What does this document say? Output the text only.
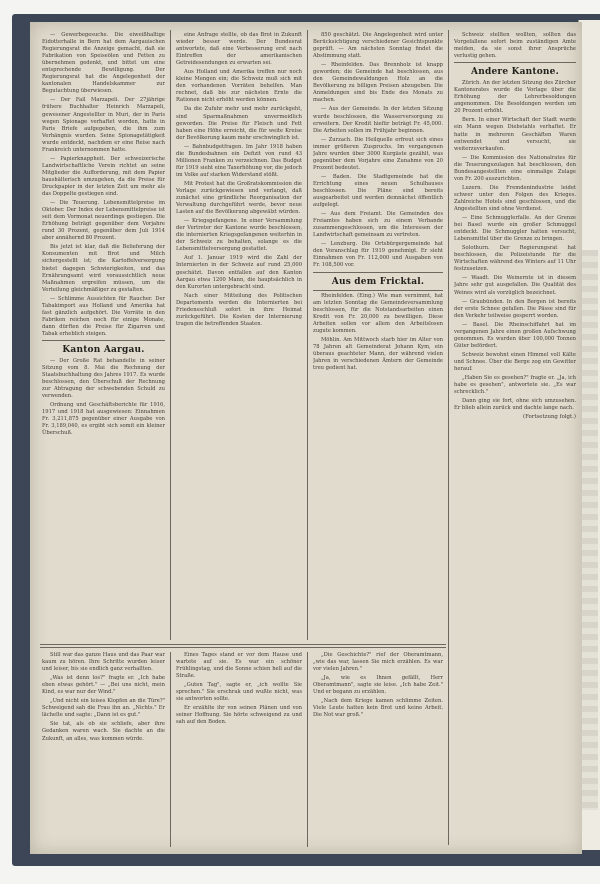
— Gewerbegesuche. Die eiweißhaltige Eidotterhalle in Bern hat dem Aargauischen Regierungsrat die Anzeige gemacht, daß sie Fabrikation von Speiseölen und Fetten zu übernehmen gedenkt, und bittet um eine entsprechende Bewilligung. Der Regierungsrat hat die Angelegenheit der kantonalen Handelskammer zur Begutachtung überwiesen.

— Der Fall Marzapeli. Der 27jährige frühere Buchhalter Heinrich Marzapeli, gewesener Angestellter in Muri, der in Paris wegen Spionage verhaftet worden, hatte in Paris Briefe aufgegeben, die ihm zum Verhängnis wurden. Seine Spionagetätigkeit wurde entdeckt, nachdem er eine Reise nach Frankreich unternommen hatte.

— Papierknappheit. Der schweizerische Landwirtschaftliche Verein richtet an seine Mitglieder die Aufforderung, mit dem Papier haushälterisch umzugehen, da die Preise für Druckpapier in der letzten Zeit um mehr als das Doppelte gestiegen sind.

— Die Teuerung. Lebensmittelpreise im Oktober. Der Index der Lebensmittelpreise ist seit dem Vormonat neuerdings gestiegen. Die Erhöhung beträgt gegenüber dem Vorjahre rund 30 Prozent, gegenüber dem Juli 1914 aber annähernd 80 Prozent.

Bis jetzt ist klar, daß die Belieferung der Konsumenten mit Brot und Milch sichergestellt ist; die Kartoffelversorgung bietet dagegen Schwierigkeiten, und das Ernährungsamt wird voraussichtlich neue Maßnahmen ergreifen müssen, um die Verteilung gleichmäßiger zu gestalten.

— Schlimme Aussichten für Raucher. Der Tabakimport aus Holland und Amerika hat fast gänzlich aufgehört. Die Vorräte in den Fabriken reichen noch für einige Monate, dann dürften die Preise für Zigarren und Tabak erheblich steigen.

Kanton Aargau.

— Der Große Rat behandelte in seiner Sitzung vom 8. Mai die Rechnung der Staatsbuchhaltung des Jahres 1917. Es wurde beschlossen, den Überschuß der Rechnung zur Abtragung der schwebenden Schuld zu verwenden.

Ordnung und Geschäftsberichte für 1916, 1917 und 1918 hat ausgewiesen: Einnahmen Fr. 3,211,875 gegenüber einer Ausgabe von Fr. 3,189,040, es ergibt sich somit ein kleiner Überschuß.

eine Anfrage stellte, ob das Brot in Zukunft wieder besser werde. Der Bundesrat antwortete, daß eine Verbesserung erst nach Eintreffen der amerikanischen Getreidesendungen zu erwarten sei.

Aus Holland und Amerika treffen nur noch kleine Mengen ein; die Schweiz muß sich mit den vorhandenen Vorräten behelfen. Man rechnet, daß bis zur nächsten Ernte die Rationen nicht erhöht werden können.

Da die Zufuhr mehr und mehr zurückgeht, sind Sparmaßnahmen unvermeidlich geworden. Die Preise für Fleisch und Fett haben eine Höhe erreicht, die für weite Kreise der Bevölkerung kaum mehr erschwinglich ist.

— Bahnbudgetfragen. Im Jahr 1918 haben die Bundesbahnen ein Defizit von rund 43 Millionen Franken zu verzeichnen. Das Budget für 1919 sieht eine Taxerhöhung vor, die jedoch im Volke auf starken Widerstand stößt.

Mit Protest hat die Großratskommission die Vorlage zurückgewiesen und verlangt, daß zunächst eine gründliche Reorganisation der Verwaltung durchgeführt werde, bevor neue Lasten auf die Bevölkerung abgewälzt würden.

— Kriegsgefangene. In einer Versammlung der Vertreter der Kantone wurde beschlossen, die internierten Kriegsgefangenen weiterhin in der Schweiz zu behalten, solange es die Lebensmittelversorgung gestattet.

Auf 1. Januar 1919 wird die Zahl der Internierten in der Schweiz auf rund 25,000 geschätzt. Davon entfallen auf den Kanton Aargau etwa 1200 Mann, die hauptsächlich in den Kurorten untergebracht sind.

Nach einer Mitteilung des Politischen Departements werden die Internierten bei Friedensschluß sofort in ihre Heimat zurückgeführt. Die Kosten der Internierung tragen die betreffenden Staaten.

850 geschätzt. Die Angelegenheit wird unter Berücksichtigung verschiedener Gesichtspunkte geprüft. — Am nächsten Sonntag findet die Abstimmung statt.

— Rheinfelden. Das Brennholz ist knapp geworden; die Gemeinde hat beschlossen, aus den Gemeindewaldungen Holz an die Bevölkerung zu billigen Preisen abzugeben. Die Anmeldungen sind bis Ende des Monats zu machen.

— Aus der Gemeinde. In der letzten Sitzung wurde beschlossen, die Wasserversorgung zu erweitern. Der Kredit hiefür beträgt Fr. 45,000. Die Arbeiten sollen im Frühjahr beginnen.

— Zurzach. Die Heilquelle erfreut sich eines immer größeren Zuspruchs. Im vergangenen Jahre wurden über 3000 Kurgäste gezählt, was gegenüber dem Vorjahre eine Zunahme von 20 Prozent bedeutet.

— Baden. Die Stadtgemeinde hat die Errichtung eines neuen Schulhauses beschlossen. Die Pläne sind bereits ausgearbeitet und werden demnächst öffentlich aufgelegt.

— Aus dem Freiamt. Die Gemeinden des Freiamtes haben sich zu einem Verbande zusammengeschlossen, um die Interessen der Landwirtschaft gemeinsam zu vertreten.

— Lenzburg. Die Ortsbürgergemeinde hat den Voranschlag für 1919 genehmigt. Er sieht Einnahmen von Fr. 112,000 und Ausgaben von Fr. 108,500 vor.

Aus dem Fricktal.

Rheinfelden. (Eing.) Wie man vernimmt, hat am letzten Sonntag die Gemeindeversammlung beschlossen, für die Notstandsarbeiten einen Kredit von Fr. 20,000 zu bewilligen. Diese Arbeiten sollen vor allem den Arbeitslosen zugute kommen.

Möhlin. Am Mittwoch starb hier im Alter von 78 Jahren alt Gemeinderat Johann Kym, ein überaus geachteter Mann, der während vielen Jahren in verschiedenen Ämtern der Gemeinde treu gedient hat.

Schweiz stellten wollten, sollten das Vorgefallene sofort beim zuständigen Amte melden, da sie sonst ihrer Ansprüche verlustig gehen.

Andere Kantone.

Zürich. An der letzten Sitzung des Zürcher Kantonsrates wurde die Vorlage über die Erhöhung der Lehrerbesoldungen angenommen. Die Besoldungen werden um 20 Prozent erhöht.

Bern. In einer Wirtschaft der Stadt wurde ein Mann wegen Diebstahls verhaftet. Er hatte in mehreren Geschäften Waren entwendet und versucht, sie weiterzuverkaufen.

— Die Kommission des Nationalrates für die Teuerungszulagen hat beschlossen, den Bundesangestellten eine einmalige Zulage von Fr. 200 auszurichten.

Luzern. Die Fremdenindustrie leidet schwer unter den Folgen des Krieges. Zahlreiche Hotels sind geschlossen, und die Angestellten sind ohne Verdienst.

— Eine Schmugglerfalle. An der Grenze bei Basel wurde ein großer Schmuggel entdeckt. Die Schmuggler hatten versucht, Lebensmittel über die Grenze zu bringen.

Solothurn. Der Regierungsrat hat beschlossen, die Polizeistunde für die Wirtschaften während des Winters auf 11 Uhr festzusetzen.

— Waadt. Die Weinernte ist in diesem Jahre sehr gut ausgefallen. Die Qualität des Weines wird als vorzüglich bezeichnet.

— Graubünden. In den Bergen ist bereits der erste Schnee gefallen. Die Pässe sind für den Verkehr teilweise gesperrt worden.

— Basel. Die Rheinschiffahrt hat im vergangenen Jahre einen großen Aufschwung genommen. Es wurden über 100,000 Tonnen Güter befördert.

Schweiz bewohnt einen Himmel voll Kälte und Schnee. Über die Berge zog ein Gewitter herauf.

„Haben Sie es gesehen?" fragte er. „Ja, ich habe es gesehen", antwortete sie. „Es war schrecklich."

Dann ging sie fort, ohne sich umzusehen. Er blieb allein zurück und dachte lange nach.

(Fortsetzung folgt.)

Still war das ganze Haus und das Paar war kaum zu hören. Ihre Schritte wurden leiser und leiser, bis sie endlich ganz verhallten.

„Was ist denn los?" fragte er. „Ich habe eben etwas gehört." — „Bei uns nicht, mein Kind, es war nur der Wind."

„Und nicht ein leises Klopfen an die Türe?" Schweigend sah die Frau ihn an. „Nichts." Er lächelte und sagte: „Dann ist es gut."

Sie tat, als ob sie schliefe, aber ihre Gedanken waren wach. Sie dachte an die Zukunft, an alles, was kommen würde.

Eines Tages stand er vor dem Hause und wartete auf sie. Es war ein schöner Frühlingstag, und die Sonne schien hell auf die Straße.

„Guten Tag", sagte er, „ich wollte Sie sprechen." Sie erschrak und wußte nicht, was sie antworten sollte.

Er erzählte ihr von seinen Plänen und von seiner Hoffnung. Sie hörte schweigend zu und sah auf den Boden.

„Die Geschichte?" rief der Oberamtmann, „wie das war, lassen Sie mich erzählen. Es war vor vielen Jahren."

„Ja, wie es Ihnen gefällt, Herr Oberamtmann", sagte sie leise. „Ich habe Zeit." Und er begann zu erzählen.

„Nach dem Kriege kamen schlimme Zeiten. Viele Leute hatten kein Brot und keine Arbeit. Die Not war groß."
